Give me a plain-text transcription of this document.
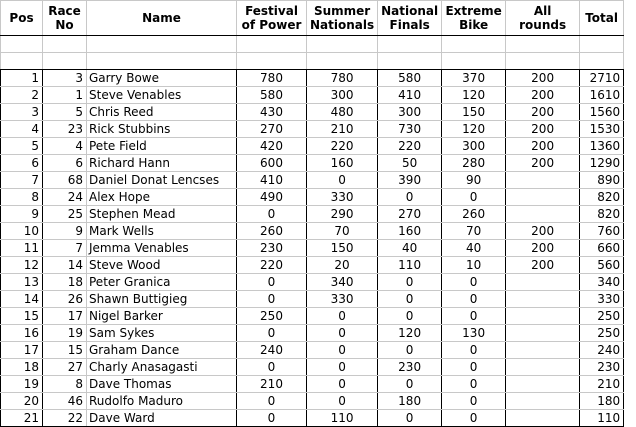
Pos	Race No	Name	Festival of Power	Summer Nationals	National Finals	Extreme Bike	All rounds	Total

1	3	Garry Bowe	780	780	580	370	200	2710
2	1	Steve Venables	580	300	410	120	200	1610
3	5	Chris Reed	430	480	300	150	200	1560
4	23	Rick Stubbins	270	210	730	120	200	1530
5	4	Pete Field	420	220	220	300	200	1360
6	6	Richard Hann	600	160	50	280	200	1290
7	68	Daniel Donat Lencses	410	0	390	90		890
8	24	Alex Hope	490	330	0	0		820
9	25	Stephen Mead	0	290	270	260		820
10	9	Mark Wells	260	70	160	70	200	760
11	7	Jemma Venables	230	150	40	40	200	660
12	14	Steve Wood	220	20	110	10	200	560
13	18	Peter Granica	0	340	0	0		340
14	26	Shawn Buttigieg	0	330	0	0		330
15	17	Nigel Barker	250	0	0	0		250
16	19	Sam Sykes	0	0	120	130		250
17	15	Graham Dance	240	0	0	0		240
18	27	Charly Anasagasti	0	0	230	0		230
19	8	Dave Thomas	210	0	0	0		210
20	46	Rudolfo Maduro	0	0	180	0		180
21	22	Dave Ward	0	110	0	0		110
